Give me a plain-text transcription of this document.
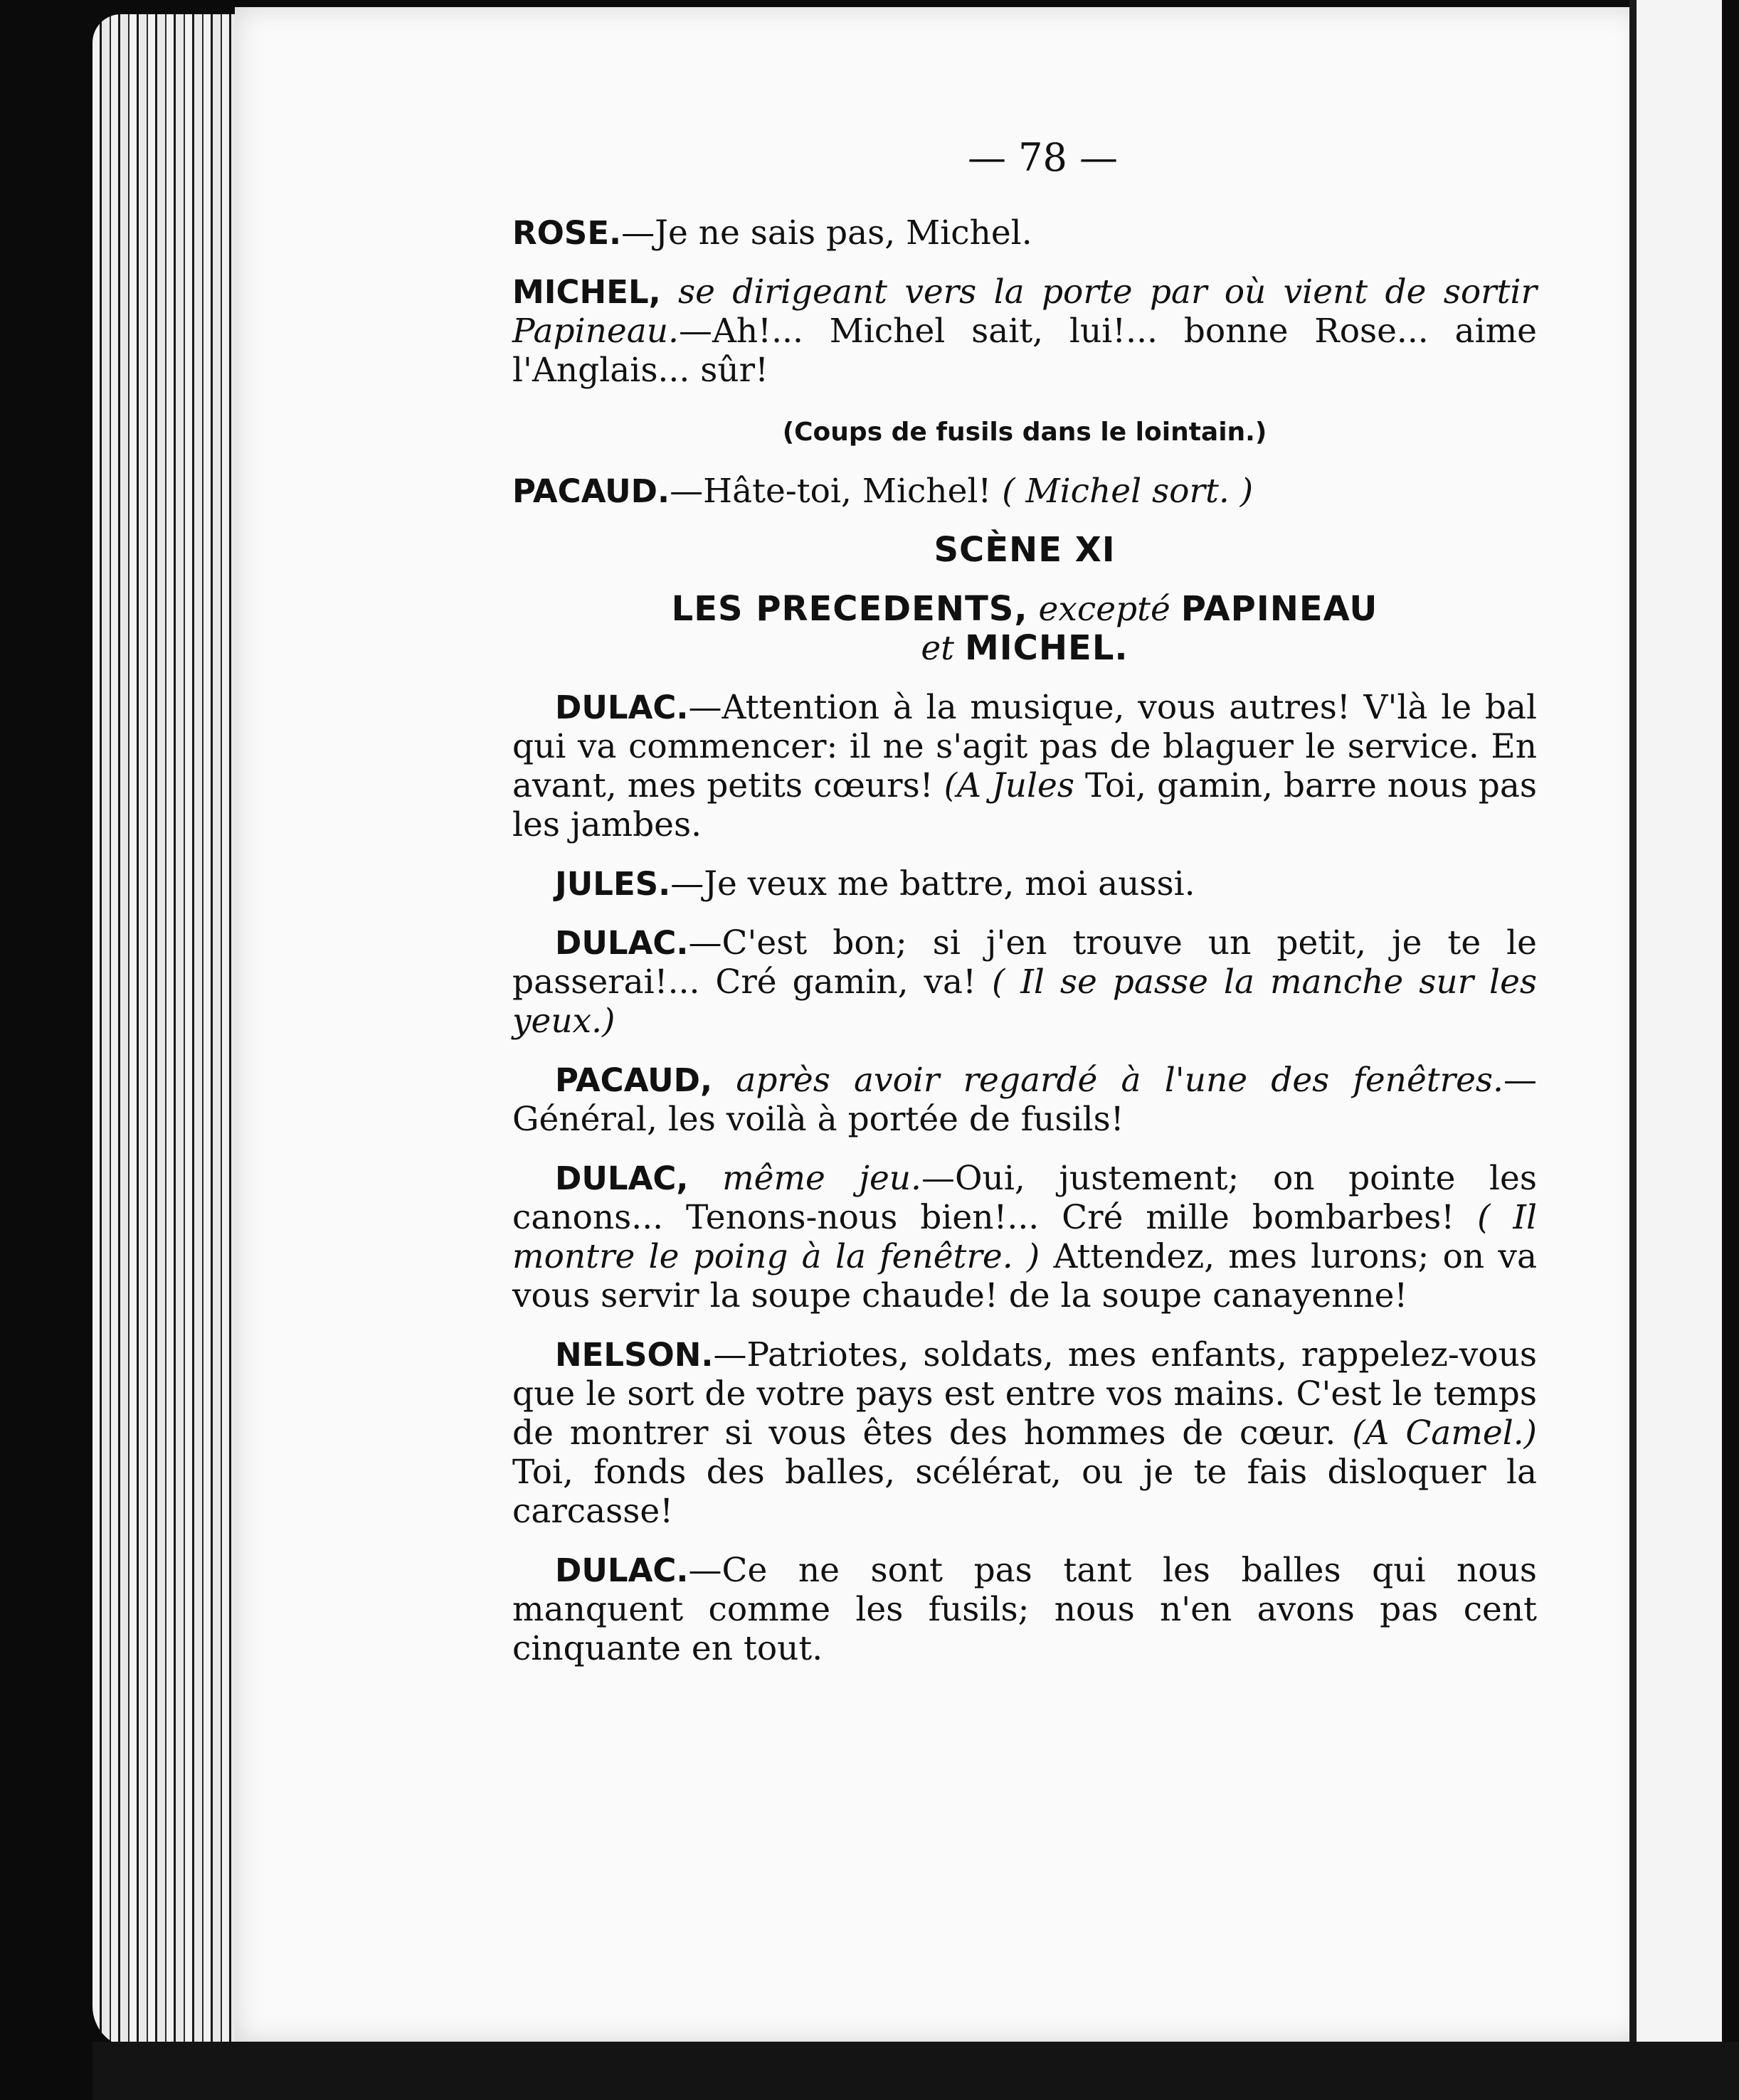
— 78 —

ROSE.—Je ne sais pas, Michel.

MICHEL, se dirigeant vers la porte par où vient de sortir Papineau.—Ah!... Michel sait, lui!... bonne Rose... aime l'Anglais... sûr!

(Coups de fusils dans le lointain.)

PACAUD.—Hâte-toi, Michel! ( Michel sort. )

SCÈNE XI

LES PRECEDENTS, excepté PAPINEAU
et MICHEL.

DULAC.—Attention à la musique, vous autres! V'là le bal qui va commencer: il ne s'agit pas de blaguer le service. En avant, mes petits cœurs! (A Jules Toi, gamin, barre nous pas les jambes.

JULES.—Je veux me battre, moi aussi.

DULAC.—C'est bon; si j'en trouve un petit, je te le passerai!... Cré gamin, va! ( Il se passe la manche sur les yeux.)

PACAUD, après avoir regardé à l'une des fenêtres.—Général, les voilà à portée de fusils!

DULAC, même jeu.—Oui, justement; on pointe les canons... Tenons-nous bien!... Cré mille bombarbes! ( Il montre le poing à la fenêtre. ) Attendez, mes lurons; on va vous servir la soupe chaude! de la soupe canayenne!

NELSON.—Patriotes, soldats, mes enfants, rappelez-vous que le sort de votre pays est entre vos mains. C'est le temps de montrer si vous êtes des hommes de cœur. (A Camel.) Toi, fonds des balles, scélérat, ou je te fais disloquer la carcasse!

DULAC.—Ce ne sont pas tant les balles qui nous manquent comme les fusils; nous n'en avons pas cent cinquante en tout.
